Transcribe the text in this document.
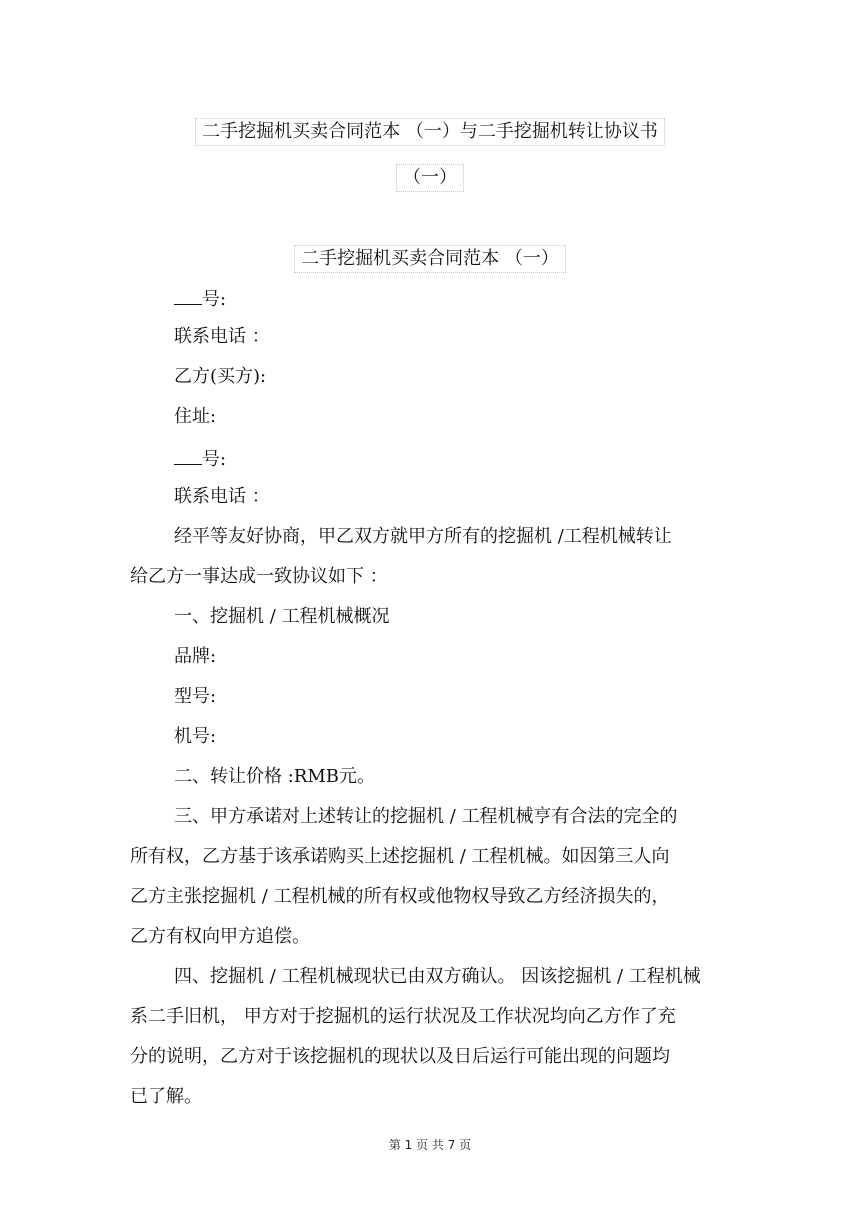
二手挖掘机买卖合同范本 （一）与二手挖掘机转让协议书
（一）
二手挖掘机买卖合同范本 （一）

号:

联系电话 ：

乙方(买方):

住址:

号:

联系电话 ：

经平等友好协商，甲乙双方就甲方所有的挖掘机 /工程机械转让

给乙方一事达成一致协议如下 ：

一、挖掘机 / 工程机械概况

品牌:

型号:

机号:

二、转让价格 :RMB元。

三、甲方承诺对上述转让的挖掘机 / 工程机械亨有合法的完全的

所有权，乙方基于该承诺购买上述挖掘机 / 工程机械。如因第三人向

乙方主张挖掘机 / 工程机械的所有权或他物权导致乙方经济损失的，

乙方有权向甲方追偿。

四、挖掘机 / 工程机械现状已由双方确认。 因该挖掘机 / 工程机械

系二手旧机， 甲方对于挖掘机的运行状况及工作状况均向乙方作了充

分的说明，乙方对于该挖掘机的现状以及日后运行可能出现的问题均

已了解。

第 1 页 共 7 页
